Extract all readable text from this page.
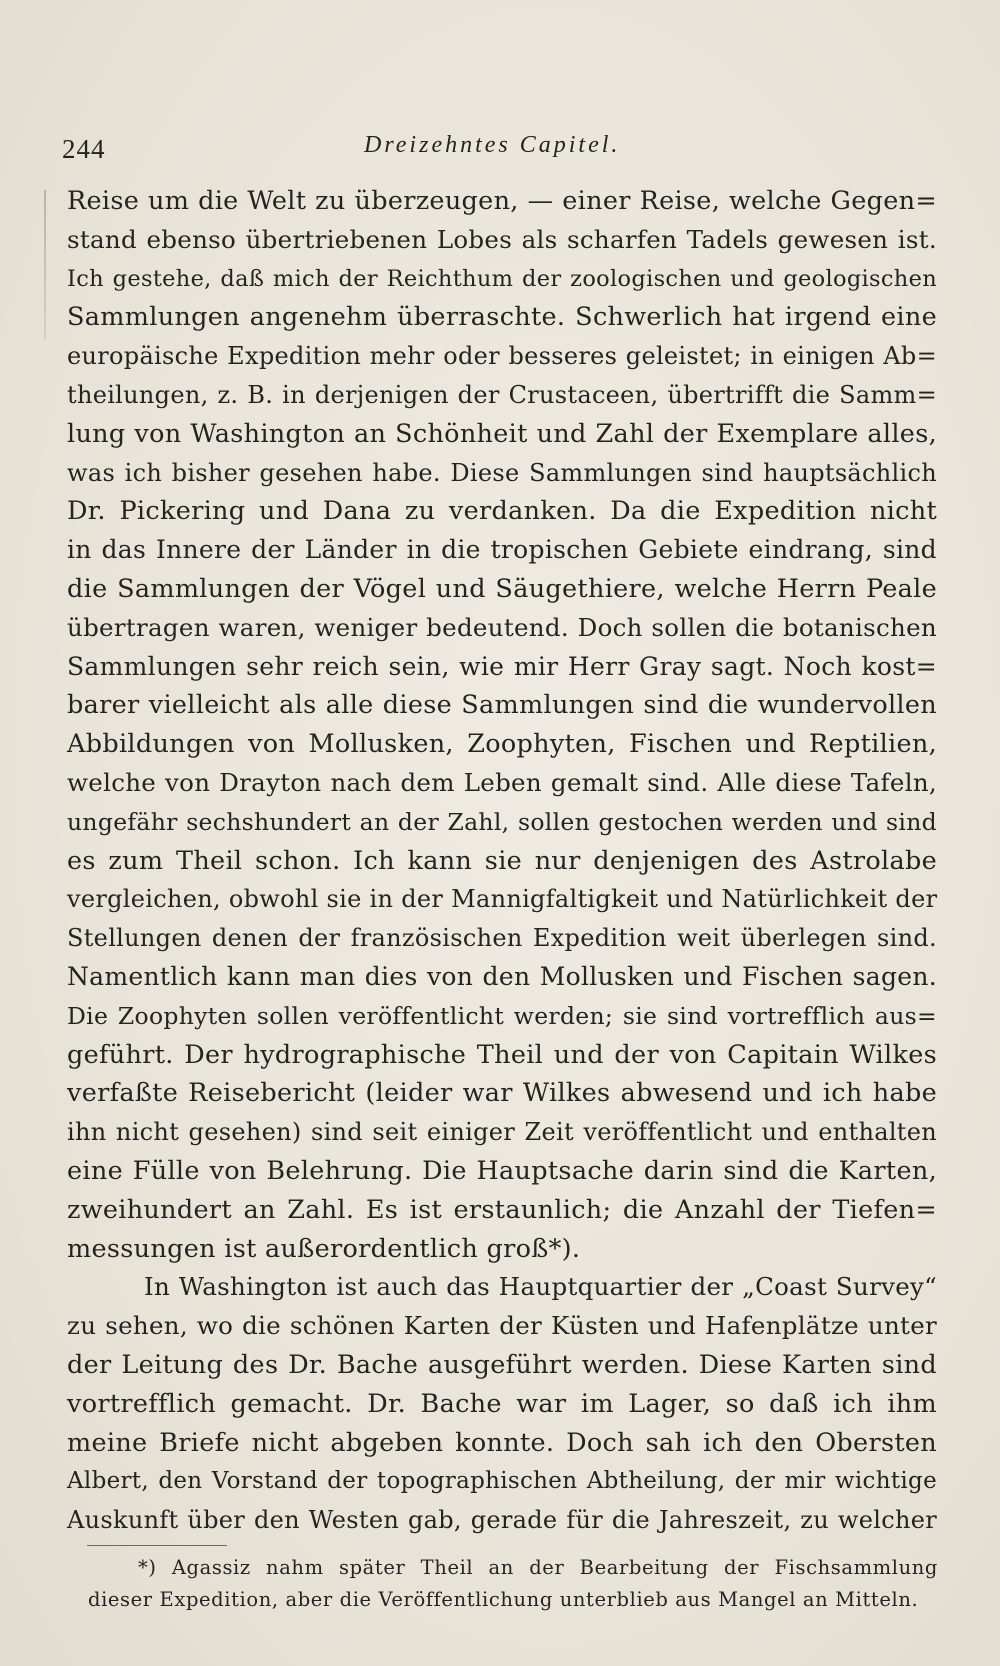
244	Dreizehntes Capitel.
Reise um die Welt zu überzeugen, — einer Reise, welche Gegen=
stand ebenso übertriebenen Lobes als scharfen Tadels gewesen ist.
Ich gestehe, daß mich der Reichthum der zoologischen und geologischen
Sammlungen angenehm überraschte. Schwerlich hat irgend eine
europäische Expedition mehr oder besseres geleistet; in einigen Ab=
theilungen, z. B. in derjenigen der Crustaceen, übertrifft die Samm=
lung von Washington an Schönheit und Zahl der Exemplare alles,
was ich bisher gesehen habe. Diese Sammlungen sind hauptsächlich
Dr. Pickering und Dana zu verdanken. Da die Expedition nicht
in das Innere der Länder in die tropischen Gebiete eindrang, sind
die Sammlungen der Vögel und Säugethiere, welche Herrn Peale
übertragen waren, weniger bedeutend. Doch sollen die botanischen
Sammlungen sehr reich sein, wie mir Herr Gray sagt. Noch kost=
barer vielleicht als alle diese Sammlungen sind die wundervollen
Abbildungen von Mollusken, Zoophyten, Fischen und Reptilien,
welche von Drayton nach dem Leben gemalt sind. Alle diese Tafeln,
ungefähr sechshundert an der Zahl, sollen gestochen werden und sind
es zum Theil schon. Ich kann sie nur denjenigen des Astrolabe
vergleichen, obwohl sie in der Mannigfaltigkeit und Natürlichkeit der
Stellungen denen der französischen Expedition weit überlegen sind.
Namentlich kann man dies von den Mollusken und Fischen sagen.
Die Zoophyten sollen veröffentlicht werden; sie sind vortrefflich aus=
geführt. Der hydrographische Theil und der von Capitain Wilkes
verfaßte Reisebericht (leider war Wilkes abwesend und ich habe
ihn nicht gesehen) sind seit einiger Zeit veröffentlicht und enthalten
eine Fülle von Belehrung. Die Hauptsache darin sind die Karten,
zweihundert an Zahl. Es ist erstaunlich; die Anzahl der Tiefen=
messungen ist außerordentlich groß*).
In Washington ist auch das Hauptquartier der „Coast Survey“
zu sehen, wo die schönen Karten der Küsten und Hafenplätze unter
der Leitung des Dr. Bache ausgeführt werden. Diese Karten sind
vortrefflich gemacht. Dr. Bache war im Lager, so daß ich ihm
meine Briefe nicht abgeben konnte. Doch sah ich den Obersten
Albert, den Vorstand der topographischen Abtheilung, der mir wichtige
Auskunft über den Westen gab, gerade für die Jahreszeit, zu welcher
*) Agassiz nahm später Theil an der Bearbeitung der Fischsammlung
dieser Expedition, aber die Veröffentlichung unterblieb aus Mangel an Mitteln.
